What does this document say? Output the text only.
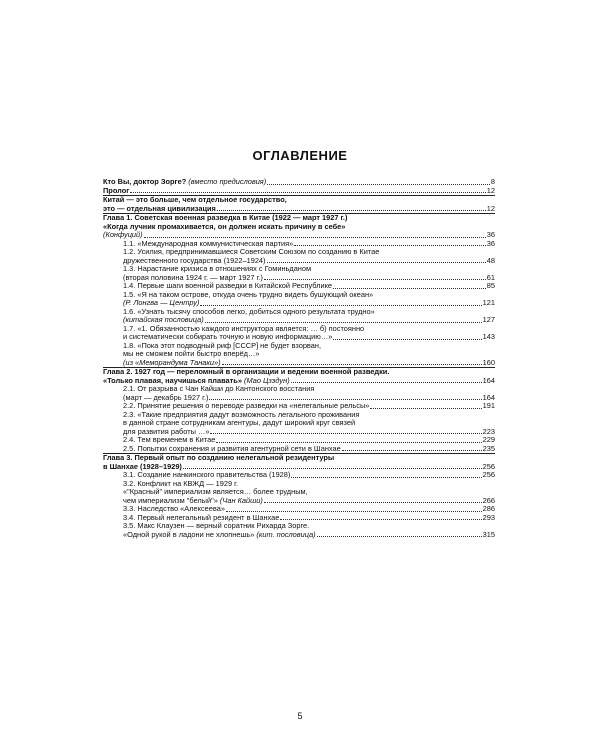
ОГЛАВЛЕНИЕ
Кто Вы, доктор Зорге? (вместо предисловия)	8
Пролог	12
Китай — это больше, чем отдельное государство,
это — отдельная цивилизация	12
Глава 1. Советская военная разведка в Китае (1922 — март 1927 г.)
«Когда лучник промахивается, он должен искать причину в себе»
(Конфуций)	36
1.1. «Международная коммунистическая партия»	36
1.2. Усилия, предпринимавшиеся Советским Союзом по созданию в Китае
дружественного государства (1922–1924)	48
1.3. Нарастание кризиса в отношениях с Гоминьданом
(вторая половина 1924 г. — март 1927 г.)	61
1.4. Первые шаги военной разведки в Китайской Республике	85
1.5. «Я на таком острове, откуда очень трудно видеть бушующий океан»
(Р. Лонгва — Центру)	121
1.6. «Узнать тысячу способов легко, добиться одного результата трудно»
(китайская пословица)	127
1.7. «1. Обязанностью каждого инструктора является: … б) постоянно
и систематически собирать точную и новую информацию…»	143
1.8. «Пока этот подводный риф [СССР] не будет взорван,
мы не сможем пойти быстро вперёд…»
(из «Меморандума Танаки»)	160
Глава 2. 1927 год — переломный в организации и ведении военной разведки.
«Только плавая, научишься плавать» (Мао Цзэдун)	164
2.1. От разрыва с Чан Кайши до Кантонского восстания
(март — декабрь 1927 г.)	164
2.2. Принятие решения о переводе разведки на «нелегальные рельсы»	191
2.3. «Такие предприятия дадут возможность легального проживания
в данной стране сотрудникам агентуры, дадут широкий круг связей
для развития работы …»	223
2.4. Тем временем в Китае	229
2.5. Попытки сохранения и развития агентурной сети в Шанхае	235
Глава 3. Первый опыт по созданию нелегальной резидентуры
в Шанхае (1928–1929)	256
3.1. Создание нанкинского правительства (1928)	256
3.2. Конфликт на КВЖД — 1929 г.
«"Красный" империализм является… более трудным,
чем империализм "белый"» (Чан Кайши)	266
3.3. Наследство «Алексеева»	286
3.4. Первый нелегальный резидент в Шанхае	293
3.5. Макс Клаузен — верный соратник Рихарда Зорге.
«Одной рукой в ладони не хлопнешь» (кит. пословица)	315
5
